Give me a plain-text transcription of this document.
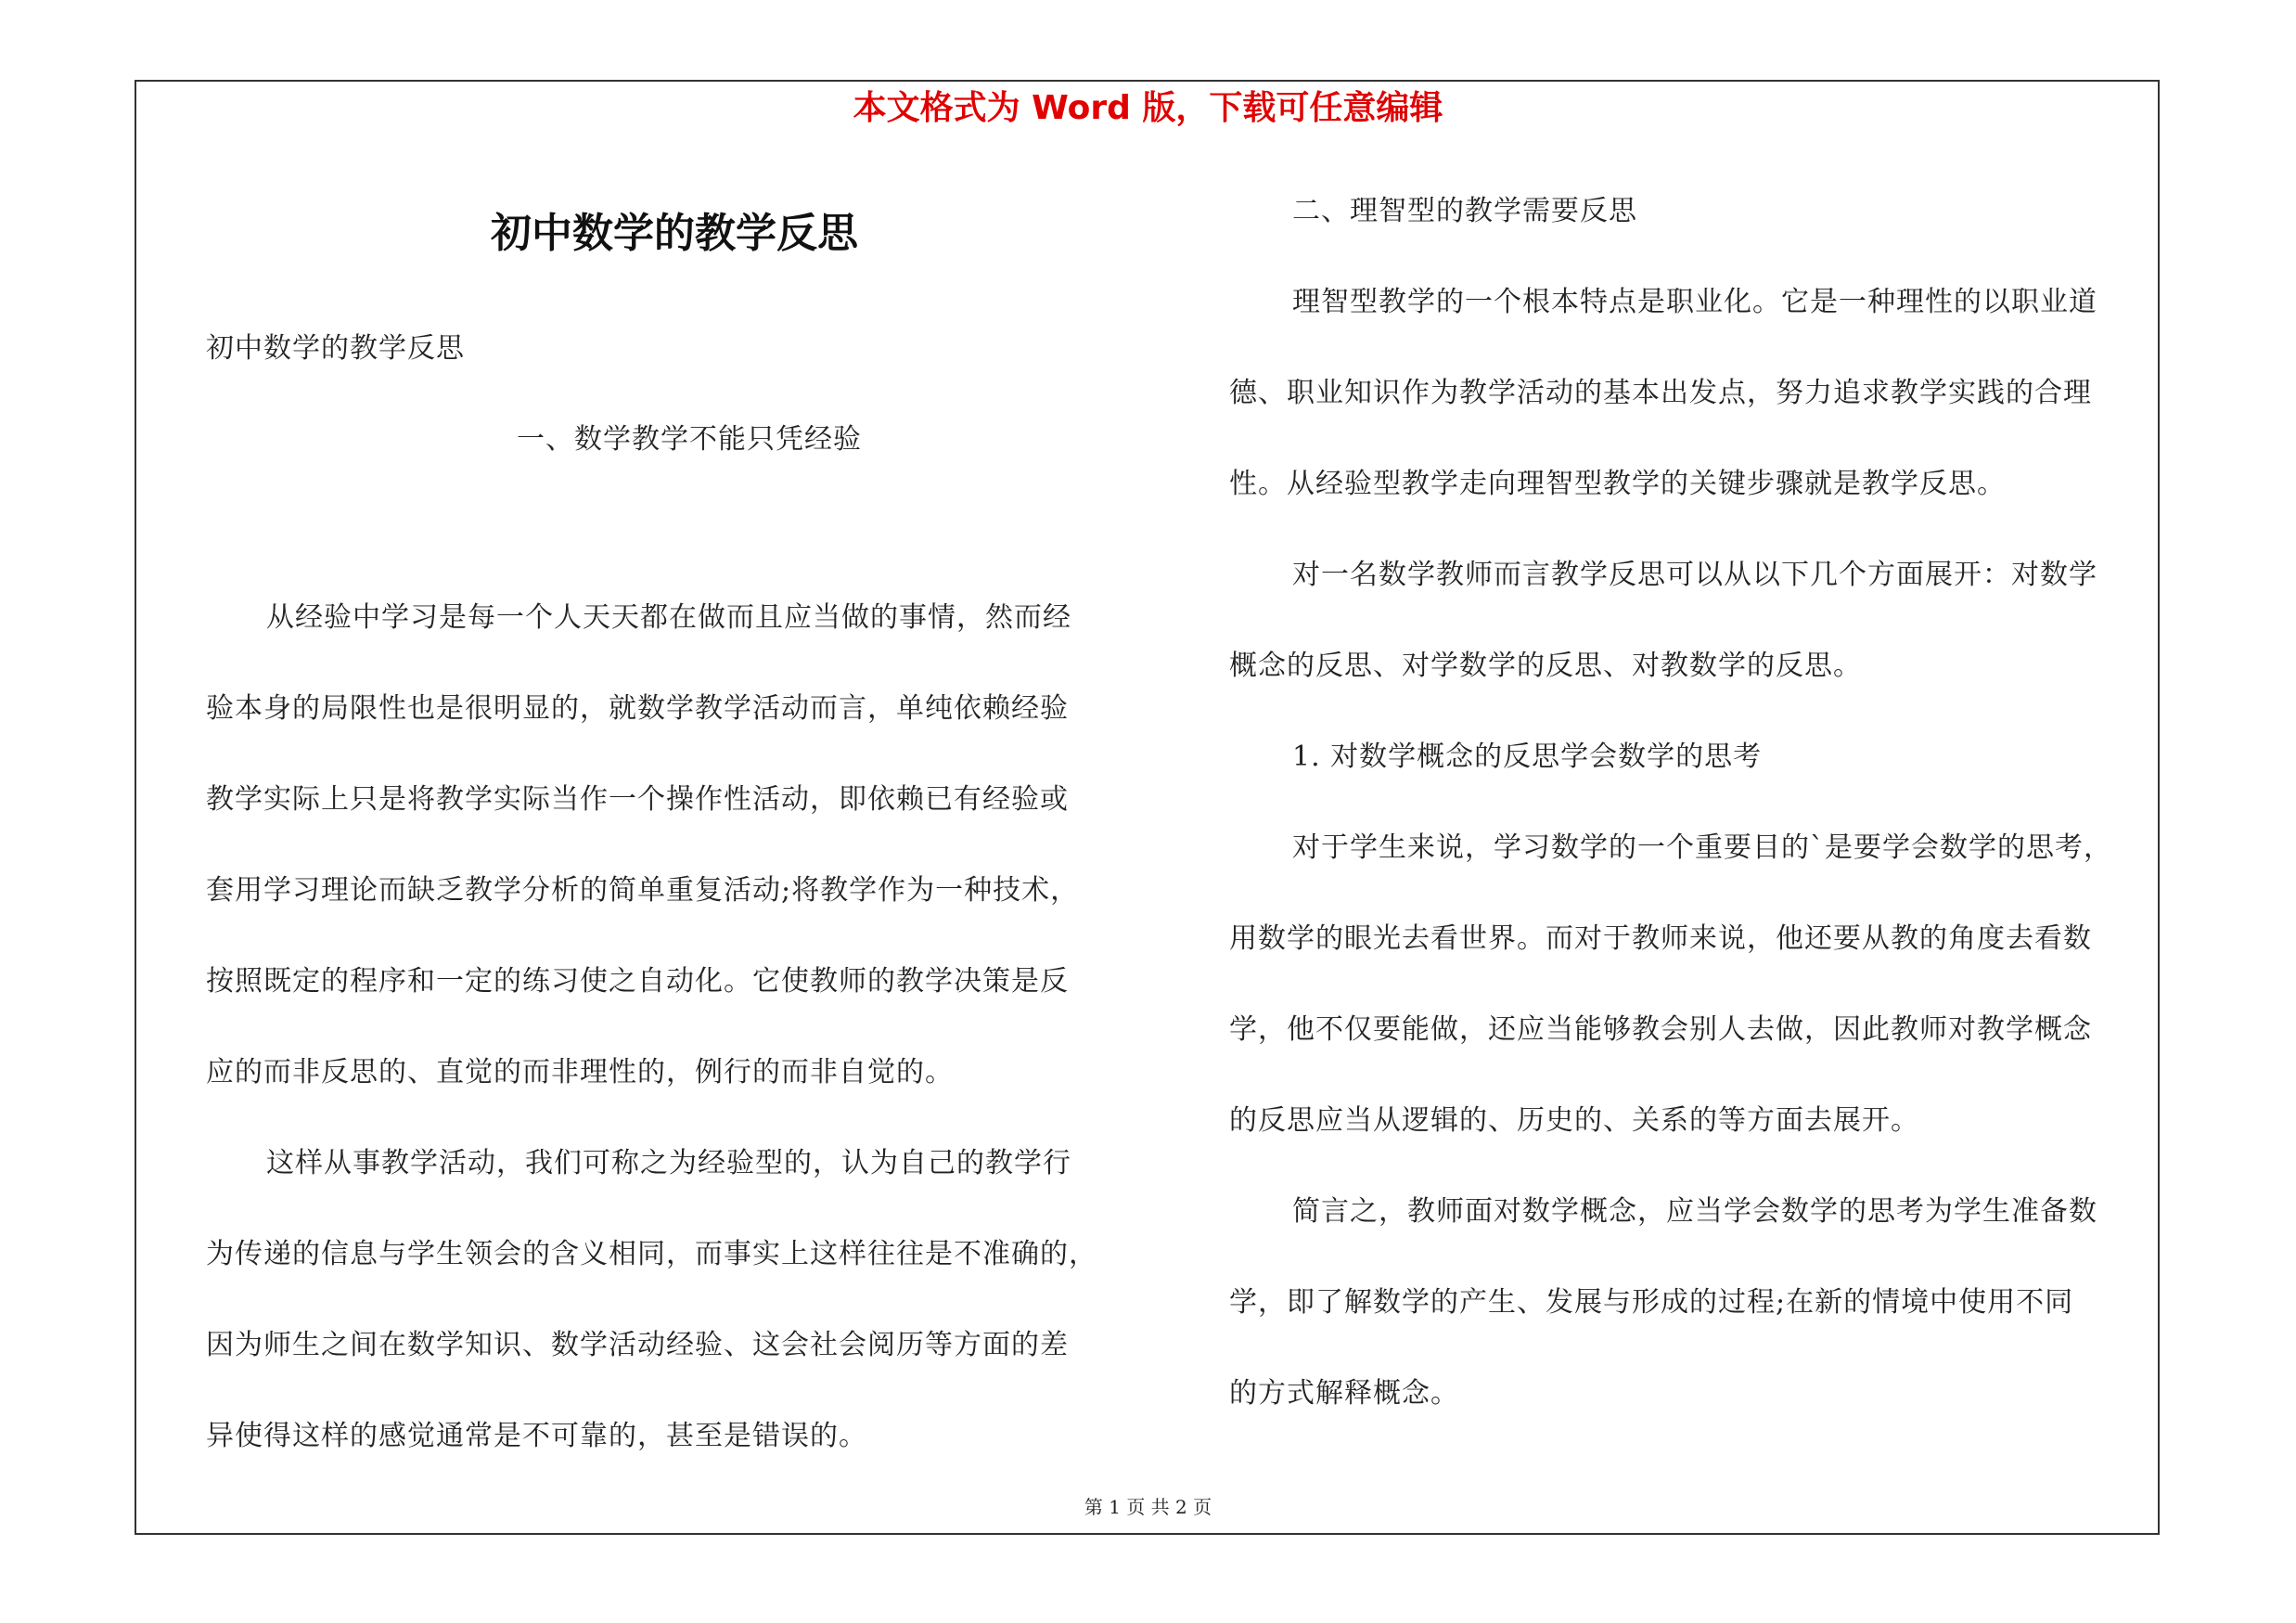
本文格式为 Word 版，下载可任意编辑
初中数学的教学反思
初中数学的教学反思
一、数学教学不能只凭经验
从经验中学习是每一个人天天都在做而且应当做的事情，然而经
验本身的局限性也是很明显的，就数学教学活动而言，单纯依赖经验
教学实际上只是将教学实际当作一个操作性活动，即依赖已有经验或
套用学习理论而缺乏教学分析的简单重复活动;将教学作为一种技术，
按照既定的程序和一定的练习使之自动化。它使教师的教学决策是反
应的而非反思的、直觉的而非理性的，例行的而非自觉的。
这样从事教学活动，我们可称之为经验型的，认为自己的教学行
为传递的信息与学生领会的含义相同，而事实上这样往往是不准确的，
因为师生之间在数学知识、数学活动经验、这会社会阅历等方面的差
异使得这样的感觉通常是不可靠的，甚至是错误的。
二、理智型的教学需要反思
理智型教学的一个根本特点是职业化。它是一种理性的以职业道
德、职业知识作为教学活动的基本出发点，努力追求教学实践的合理
性。从经验型教学走向理智型教学的关键步骤就是教学反思。
对一名数学教师而言教学反思可以从以下几个方面展开：对数学
概念的反思、对学数学的反思、对教数学的反思。
1. 对数学概念的反思学会数学的思考
对于学生来说，学习数学的一个重要目的`是要学会数学的思考，
用数学的眼光去看世界。而对于教师来说，他还要从教的角度去看数
学，他不仅要能做，还应当能够教会别人去做，因此教师对教学概念
的反思应当从逻辑的、历史的、关系的等方面去展开。
简言之，教师面对数学概念，应当学会数学的思考为学生准备数
学，即了解数学的产生、发展与形成的过程;在新的情境中使用不同
的方式解释概念。
第 1 页 共 2 页
